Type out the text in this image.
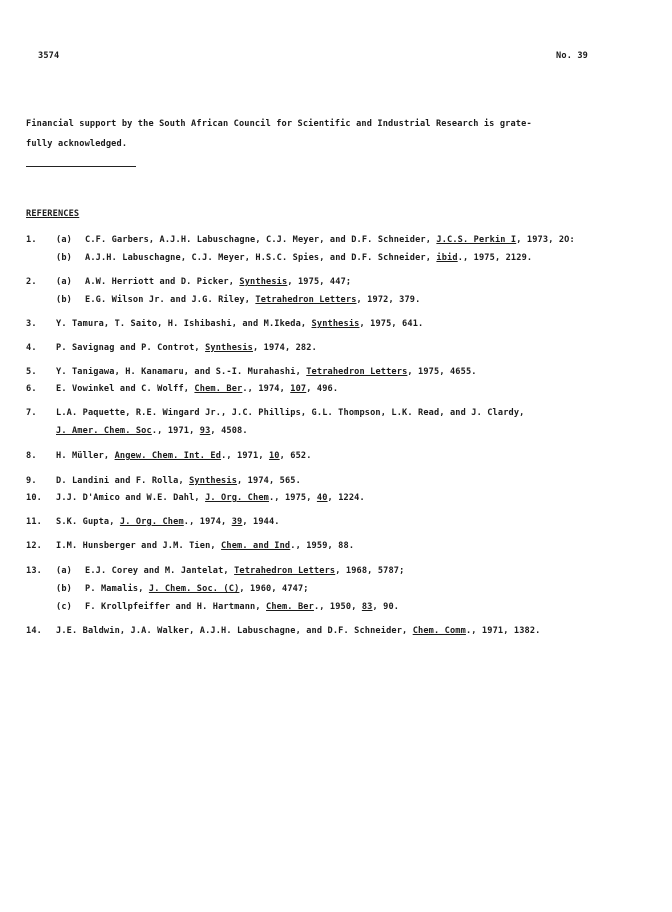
3574	No. 39
Financial support by the South African Council for Scientific and Industrial Research is grate-
fully acknowledged.
REFERENCES
1. (a) C.F. Garbers, A.J.H. Labuschagne, C.J. Meyer, and D.F. Schneider, J.C.S. Perkin I, 1973, 2O:
(b) A.J.H. Labuschagne, C.J. Meyer, H.S.C. Spies, and D.F. Schneider, ibid., 1975, 2129.
2. (a) A.W. Herriott and D. Picker, Synthesis, 1975, 447;
(b) E.G. Wilson Jr. and J.G. Riley, Tetrahedron Letters, 1972, 379.
3. Y. Tamura, T. Saito, H. Ishibashi, and M.Ikeda, Synthesis, 1975, 641.
4. P. Savignag and P. Controt, Synthesis, 1974, 282.
5. Y. Tanigawa, H. Kanamaru, and S.-I. Murahashi, Tetrahedron Letters, 1975, 4655.
6. E. Vowinkel and C. Wolff, Chem. Ber., 1974, 107, 496.
7. L.A. Paquette, R.E. Wingard Jr., J.C. Phillips, G.L. Thompson, L.K. Read, and J. Clardy,
J. Amer. Chem. Soc., 1971, 93, 4508.
8. H. Müller, Angew. Chem. Int. Ed., 1971, 10, 652.
9. D. Landini and F. Rolla, Synthesis, 1974, 565.
10. J.J. D'Amico and W.E. Dahl, J. Org. Chem., 1975, 40, 1224.
11. S.K. Gupta, J. Org. Chem., 1974, 39, 1944.
12. I.M. Hunsberger and J.M. Tien, Chem. and Ind., 1959, 88.
13. (a) E.J. Corey and M. Jantelat, Tetrahedron Letters, 1968, 5787;
(b) P. Mamalis, J. Chem. Soc. (C), 1960, 4747;
(c) F. Krollpfeiffer and H. Hartmann, Chem. Ber., 1950, 83, 90.
14. J.E. Baldwin, J.A. Walker, A.J.H. Labuschagne, and D.F. Schneider, Chem. Comm., 1971, 1382.
